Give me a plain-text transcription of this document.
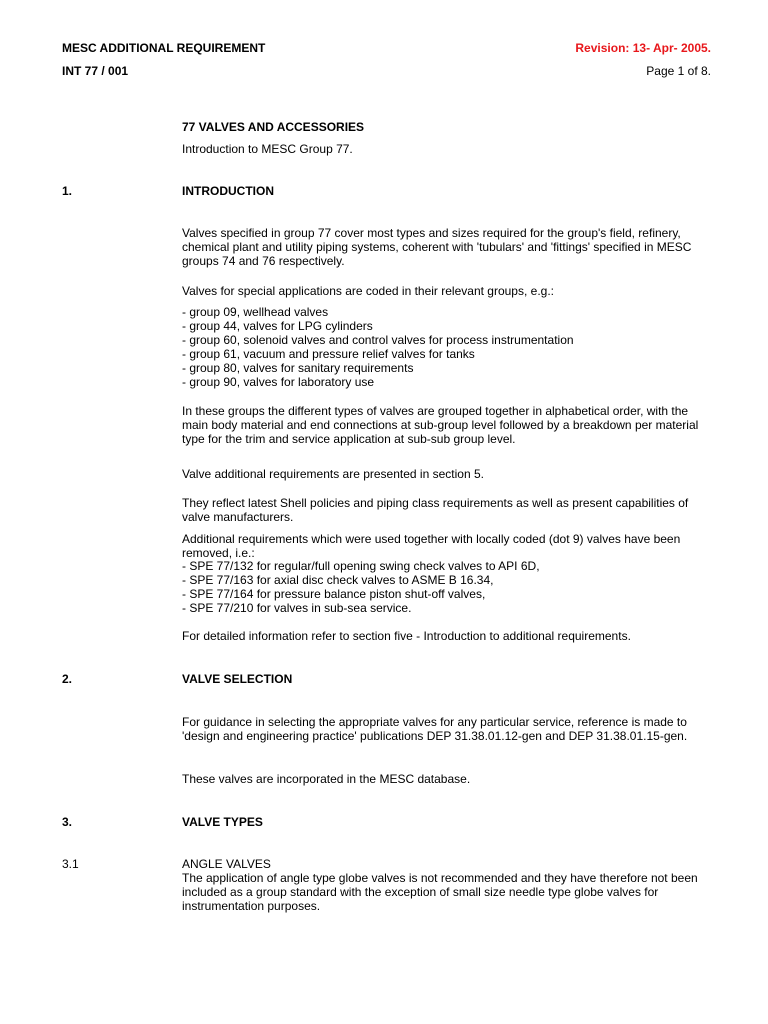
MESC ADDITIONAL REQUIREMENT
INT 77 / 001
Revision: 13- Apr- 2005.
Page 1 of 8.
77 VALVES AND ACCESSORIES
Introduction to MESC Group 77.
1.	INTRODUCTION
Valves specified in group 77 cover most types and sizes required for the group's field, refinery, chemical plant and utility piping systems, coherent with 'tubulars' and 'fittings' specified in MESC groups 74 and 76 respectively.
Valves for special applications are coded in their relevant groups, e.g.:
- group 09, wellhead valves
- group 44, valves for LPG cylinders
- group 60, solenoid valves and control valves for process instrumentation
- group 61, vacuum and pressure relief valves for tanks
- group 80, valves for sanitary requirements
- group 90, valves for laboratory use
In these groups the different types of valves are grouped together in alphabetical order, with the main body material and end connections at sub-group level followed by a breakdown per material type for the trim and service application at sub-sub group level.
Valve additional requirements are presented in section 5.
They reflect latest Shell policies and piping class requirements as well as present capabilities of valve manufacturers.
Additional requirements which were used together with locally coded (dot 9) valves have been removed, i.e.:
- SPE 77/132 for regular/full opening swing check valves to API 6D,
- SPE 77/163 for axial disc check valves to ASME B 16.34,
- SPE 77/164 for pressure balance piston shut-off valves,
- SPE 77/210 for valves in sub-sea service.
For detailed information refer to section five - Introduction to additional requirements.
2.	VALVE SELECTION
For guidance in selecting the appropriate valves for any particular service, reference is made to 'design and engineering practice' publications DEP 31.38.01.12-gen and DEP 31.38.01.15-gen.
These valves are incorporated in the MESC database.
3.	VALVE TYPES
3.1	ANGLE VALVES
The application of angle type globe valves is not recommended and they have therefore not been included as a group standard with the exception of small size needle type globe valves for instrumentation purposes.
